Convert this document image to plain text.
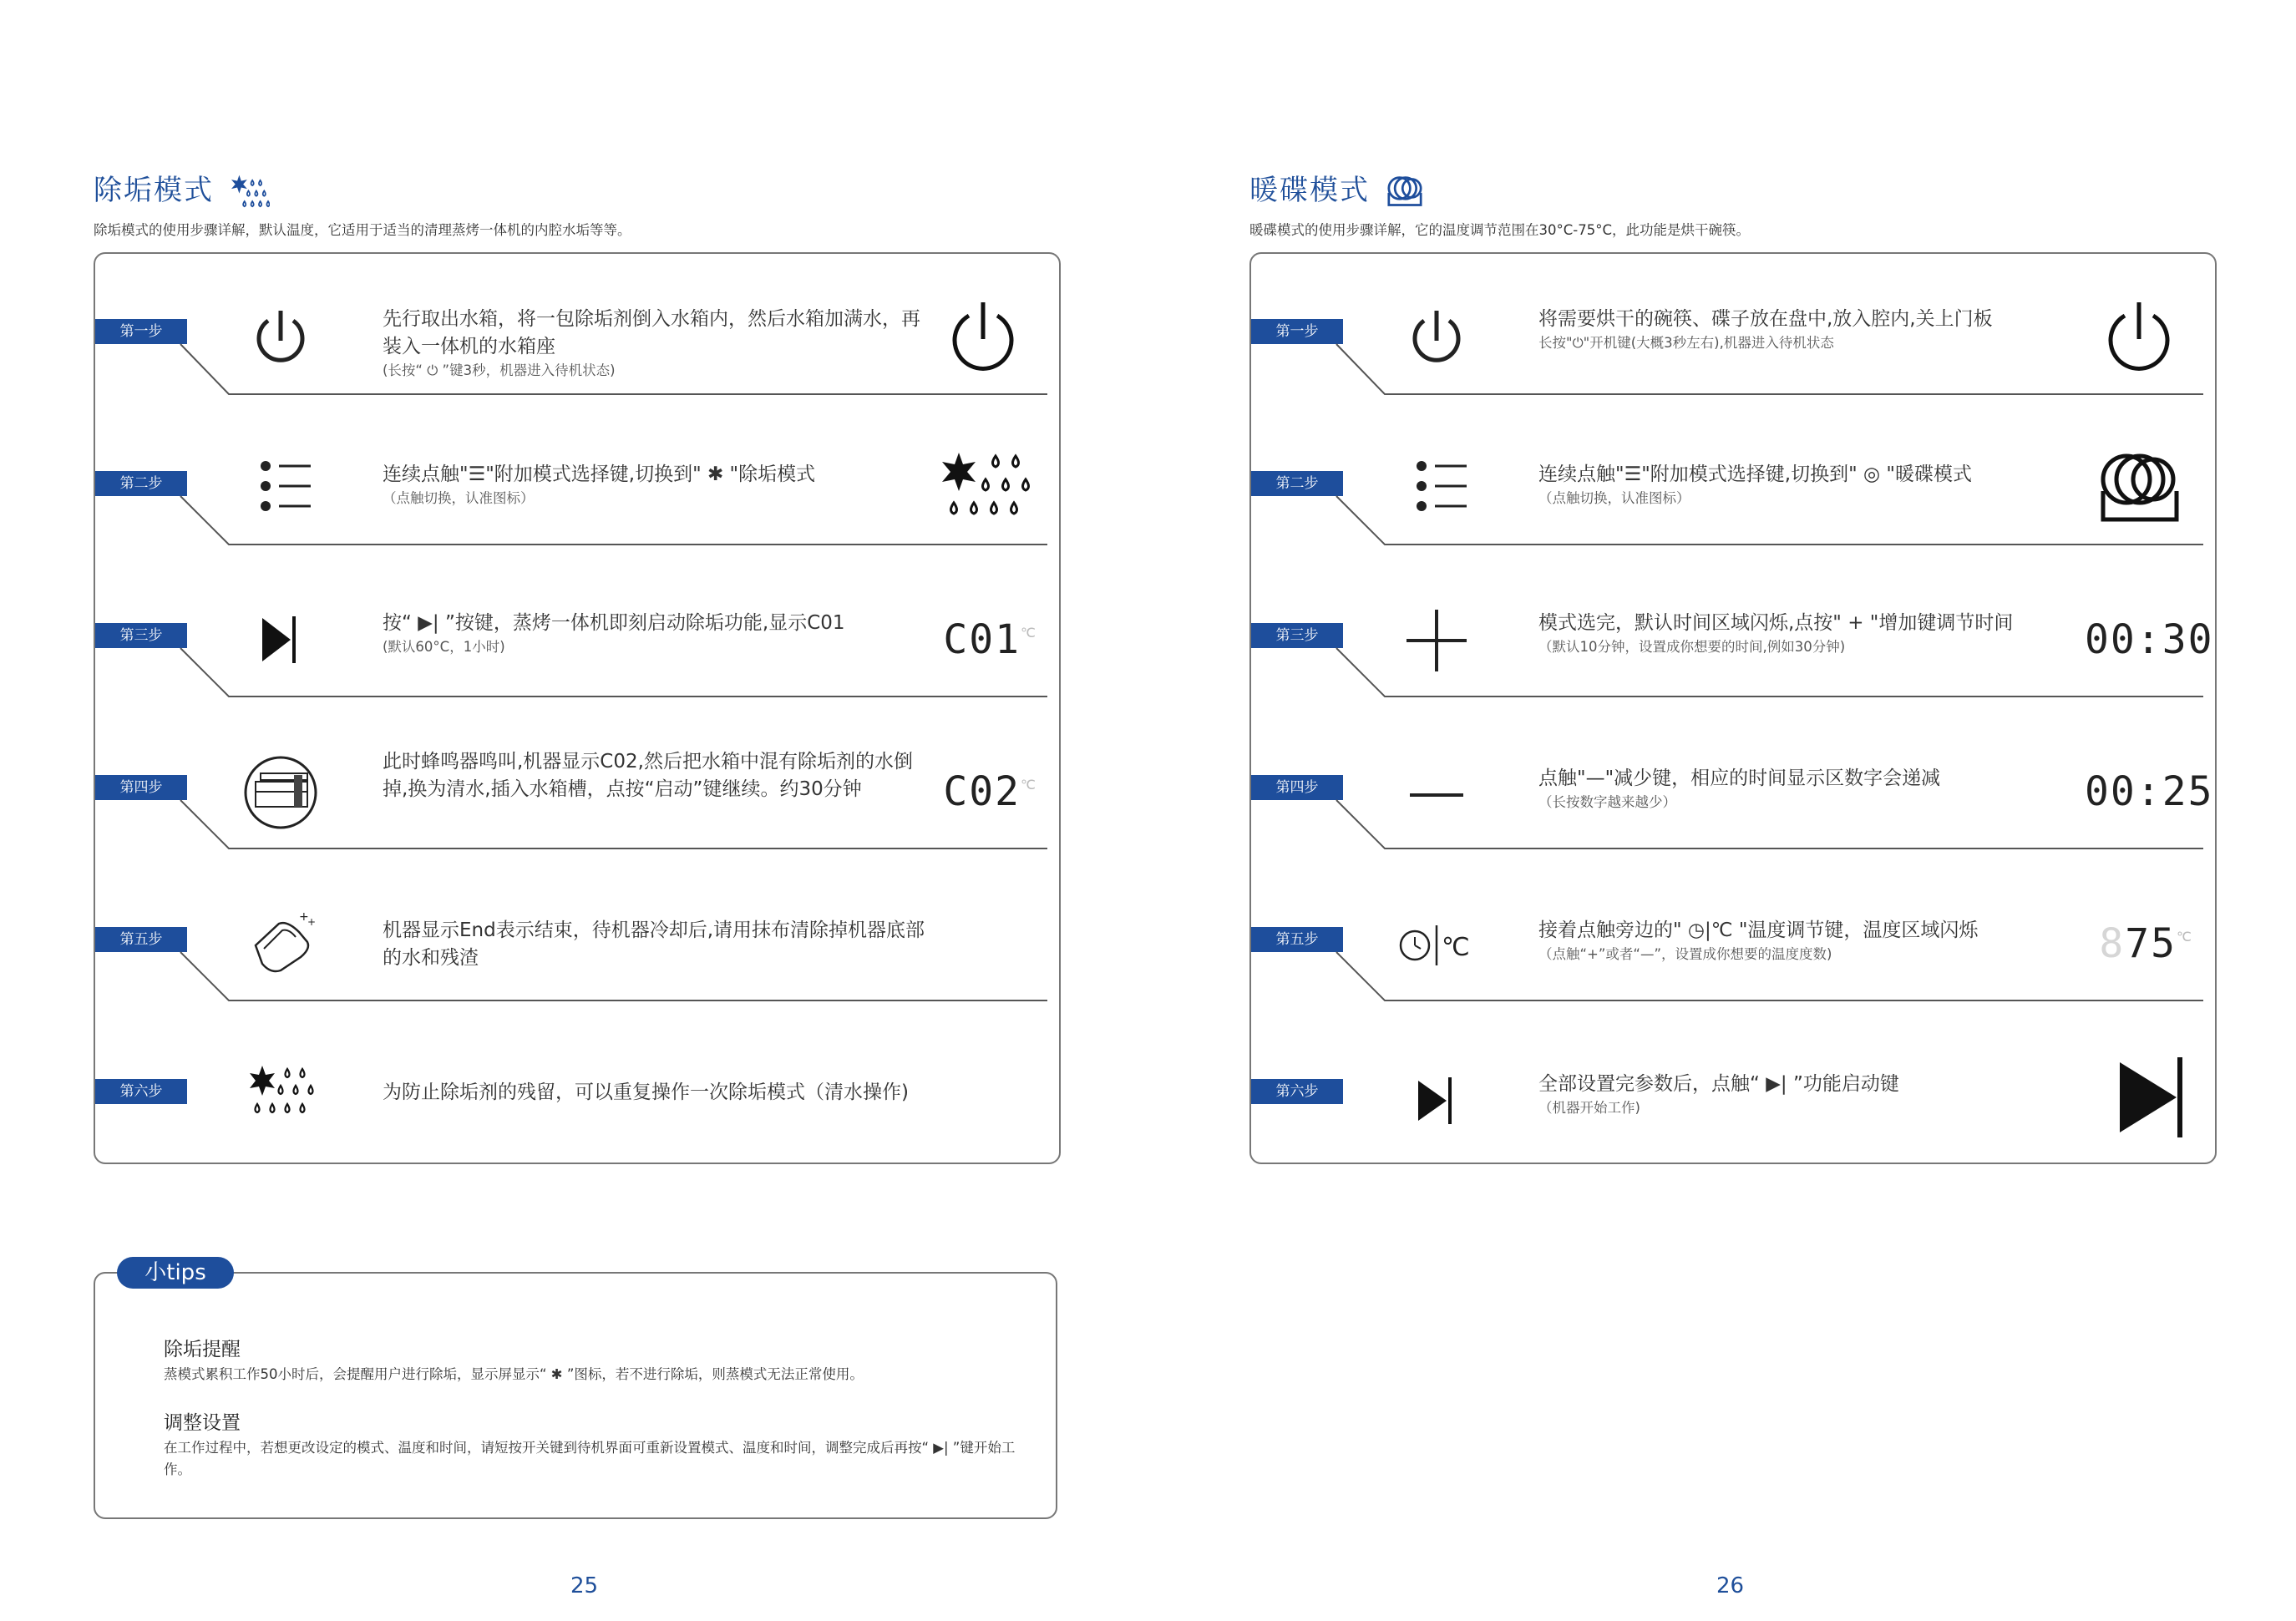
除垢模式
除垢模式的使用步骤详解，默认温度，它适用于适当的清理蒸烤一体机的内腔水垢等等。
第一步
先行取出水箱，将一包除垢剂倒入水箱内，然后水箱加满水，再装入一体机的水箱座
(长按“ ⏻ ”键3秒，机器进入待机状态)
第二步	连续点触"☰"附加模式选择键,切换到" ✱ "除垢模式
（点触切换，认准图标）
第三步
按“ ▶| ”按键，蒸烤一体机即刻启动除垢功能,显示C01
(默认60°C，1小时)	C01℃
第四步
此时蜂鸣器鸣叫,机器显示C02,然后把水箱中混有除垢剂的水倒掉,换为清水,插入水箱槽，点按“启动”键继续。约30分钟	C02℃
第五步
+
+	机器显示End表示结束，待机器冷却后,请用抹布清除掉机器底部的水和残渣
第六步	为防止除垢剂的残留，可以重复操作一次除垢模式（清水操作)
小tips
除垢提醒
蒸模式累积工作50小时后，会提醒用户进行除垢，显示屏显示“ ✱ ”图标，若不进行除垢，则蒸模式无法正常使用。
调整设置
在工作过程中，若想更改设定的模式、温度和时间，请短按开关键到待机界面可重新设置模式、温度和时间，调整完成后再按“ ▶| ”键开始工作。
25
暖碟模式
暖碟模式的使用步骤详解，它的温度调节范围在30°C-75°C，此功能是烘干碗筷。
第一步
将需要烘干的碗筷、碟子放在盘中,放入腔内,关上门板
长按"⏻"开机键(大概3秒左右),机器进入待机状态
第二步	连续点触"☰"附加模式选择键,切换到" ◎ "暖碟模式
（点触切换，认准图标）
第三步
模式选完，默认时间区域闪烁,点按" + "增加键调节时间
（默认10分钟，设置成你想要的时间,例如30分钟)	00:30
第四步	点触"—"减少键，相应的时间显示区数字会递减
（长按数字越来越少）	00:25
第五步	℃
接着点触旁边的" ◷|℃ "温度调节键，温度区域闪烁
（点触“+”或者“—”，设置成你想要的温度度数)	875℃
第六步	全部设置完参数后，点触“ ▶| ”功能启动键
（机器开始工作)
26
